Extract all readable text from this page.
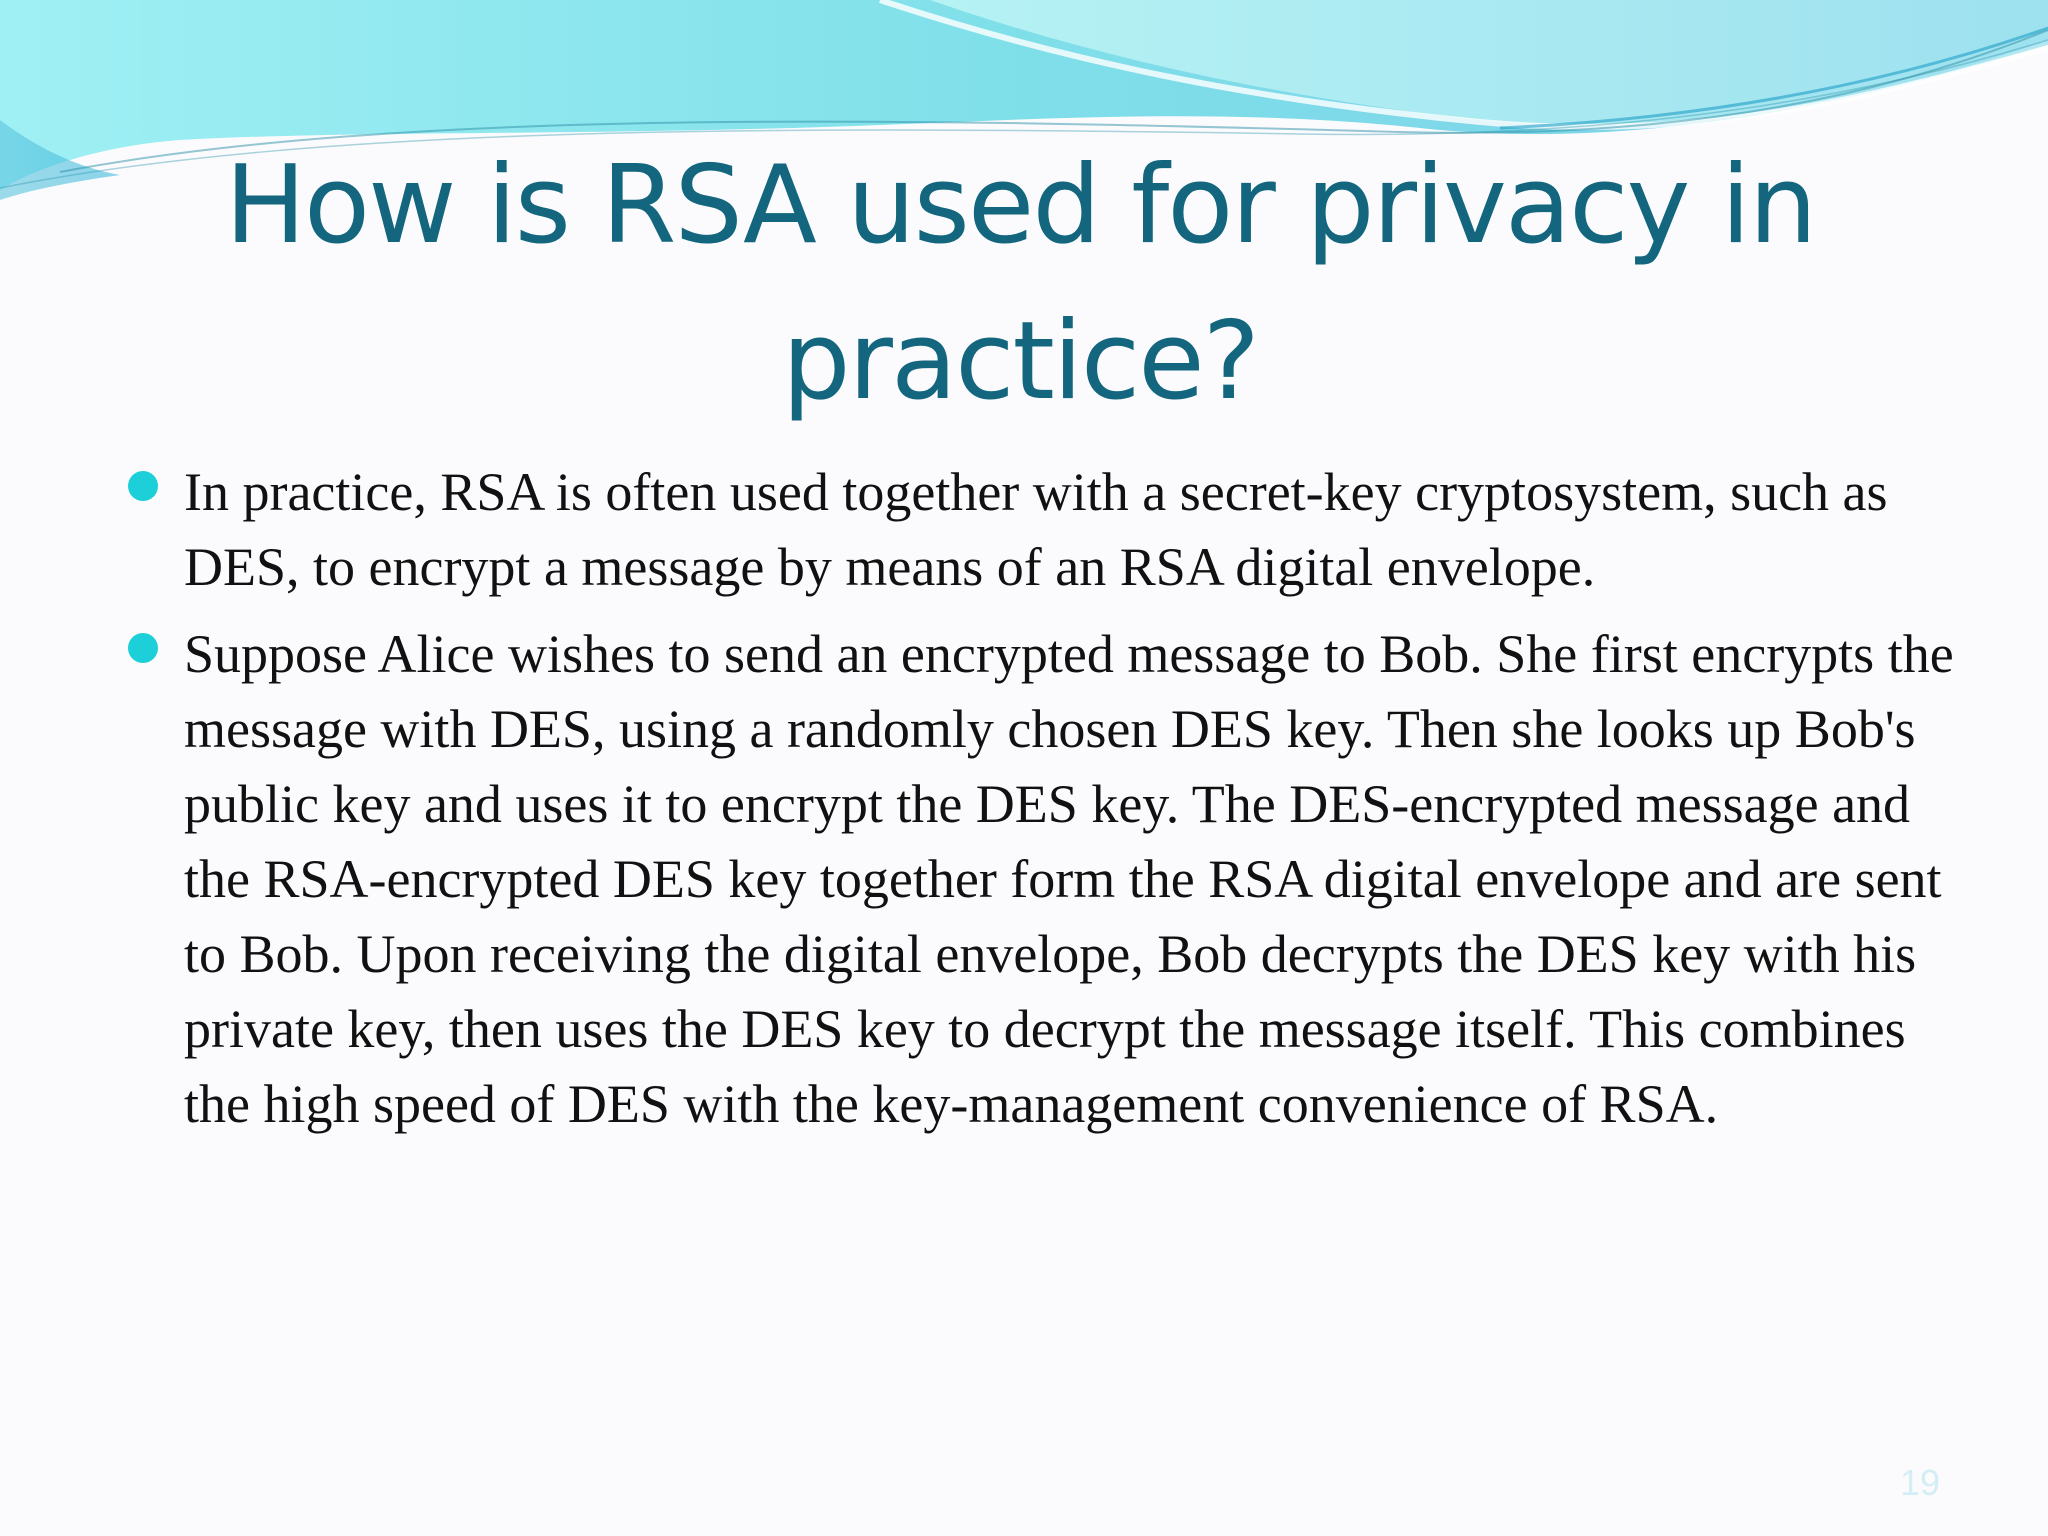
How is RSA used for privacy in practice?
In practice, RSA is often used together with a secret-key cryptosystem, such as DES, to encrypt a message by means of an RSA digital envelope.
Suppose Alice wishes to send an encrypted message to Bob. She first encrypts the message with DES, using a randomly chosen DES key. Then she looks up Bob's public key and uses it to encrypt the DES key. The DES-encrypted message and the RSA-encrypted DES key together form the RSA digital envelope and are sent to Bob. Upon receiving the digital envelope, Bob decrypts the DES key with his private key, then uses the DES key to decrypt the message itself. This combines the high speed of DES with the key-management convenience of RSA.
19
